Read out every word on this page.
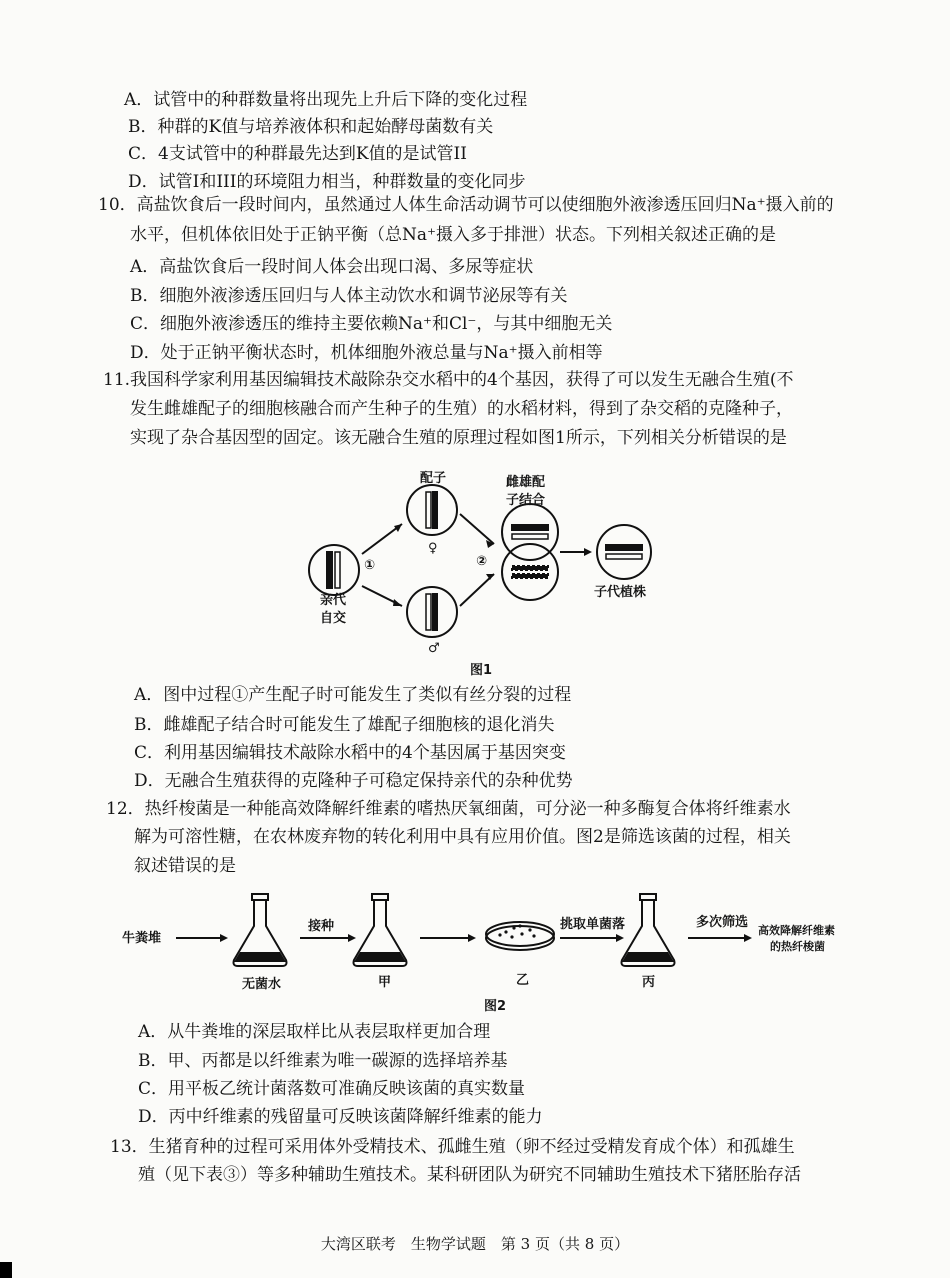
A．试管中的种群数量将出现先上升后下降的变化过程
B．种群的K值与培养液体积和起始酵母菌数有关
C．4支试管中的种群最先达到K值的是试管II
D．试管I和III的环境阻力相当，种群数量的变化同步
10．高盐饮食后一段时间内，虽然通过人体生命活动调节可以使细胞外液渗透压回归Na⁺摄入前的
水平，但机体依旧处于正钠平衡（总Na⁺摄入多于排泄）状态。下列相关叙述正确的是
A．高盐饮食后一段时间人体会出现口渴、多尿等症状
B．细胞外液渗透压回归与人体主动饮水和调节泌尿等有关
C．细胞外液渗透压的维持主要依赖Na⁺和Cl⁻，与其中细胞无关
D．处于正钠平衡状态时，机体细胞外液总量与Na⁺摄入前相等
11.我国科学家利用基因编辑技术敲除杂交水稻中的4个基因，获得了可以发生无融合生殖(不
发生雌雄配子的细胞核融合而产生种子的生殖）的水稻材料，得到了杂交稻的克隆种子，
实现了杂合基因型的固定。该无融合生殖的原理过程如图1所示，下列相关分析错误的是
配子	雌雄配
子结合
①	②
♀
♂
亲代
自交
子代植株
图1
A．图中过程①产生配子时可能发生了类似有丝分裂的过程
B．雌雄配子结合时可能发生了雄配子细胞核的退化消失
C．利用基因编辑技术敲除水稻中的4个基因属于基因突变
D．无融合生殖获得的克隆种子可稳定保持亲代的杂种优势
12．热纤梭菌是一种能高效降解纤维素的嗜热厌氧细菌，可分泌一种多酶复合体将纤维素水
解为可溶性糖，在农林废弃物的转化利用中具有应用价值。图2是筛选该菌的过程，相关
叙述错误的是
牛粪堆
接种	挑取单菌落	多次筛选
高效降解纤维素
的热纤梭菌
无菌水	甲	乙	丙
图2
A．从牛粪堆的深层取样比从表层取样更加合理
B．甲、丙都是以纤维素为唯一碳源的选择培养基
C．用平板乙统计菌落数可准确反映该菌的真实数量
D．丙中纤维素的残留量可反映该菌降解纤维素的能力
13．生猪育种的过程可采用体外受精技术、孤雌生殖（卵不经过受精发育成个体）和孤雄生
殖（见下表③）等多种辅助生殖技术。某科研团队为研究不同辅助生殖技术下猪胚胎存活
大湾区联考　生物学试题　第 3 页（共 8 页）
